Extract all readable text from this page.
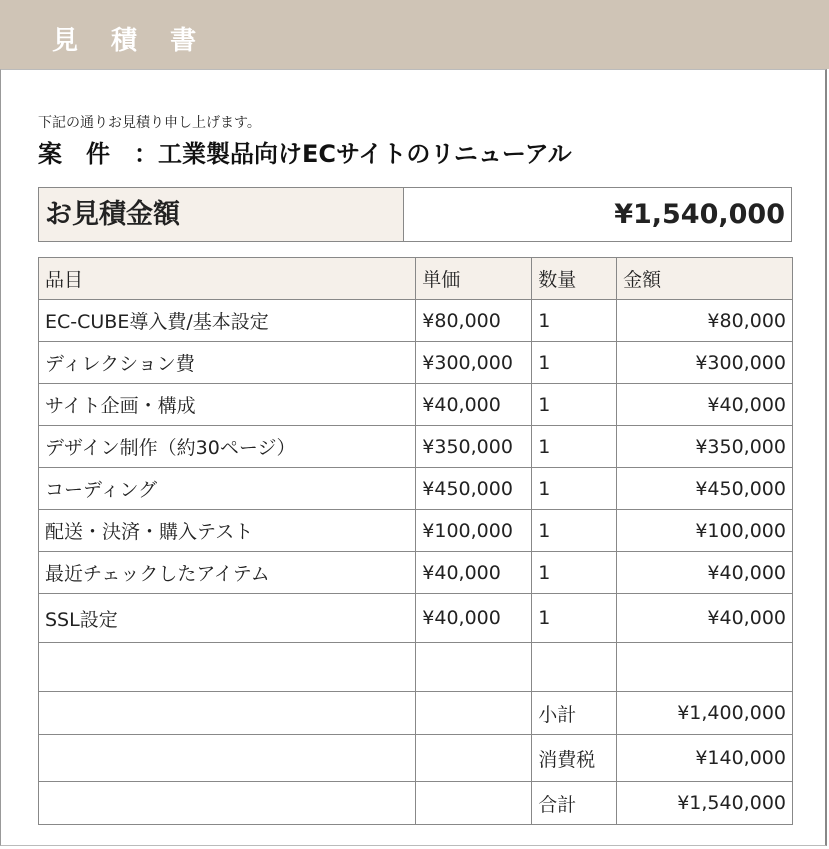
見 積 書
下記の通りお見積り申し上げます。
案　件　：工業製品向けECサイトのリニューアル
お見積金額	¥1,540,000
品目	単価	数量	金額
EC-CUBE導入費/基本設定	¥80,000	1	¥80,000
ディレクション費	¥300,000	1	¥300,000
サイト企画・構成	¥40,000	1	¥40,000
デザイン制作（約30ページ）	¥350,000	1	¥350,000
コーディング	¥450,000	1	¥450,000
配送・決済・購入テスト	¥100,000	1	¥100,000
最近チェックしたアイテム	¥40,000	1	¥40,000
SSL設定	¥40,000	1	¥40,000

		小計	¥1,400,000
		消費税	¥140,000
		合計	¥1,540,000
